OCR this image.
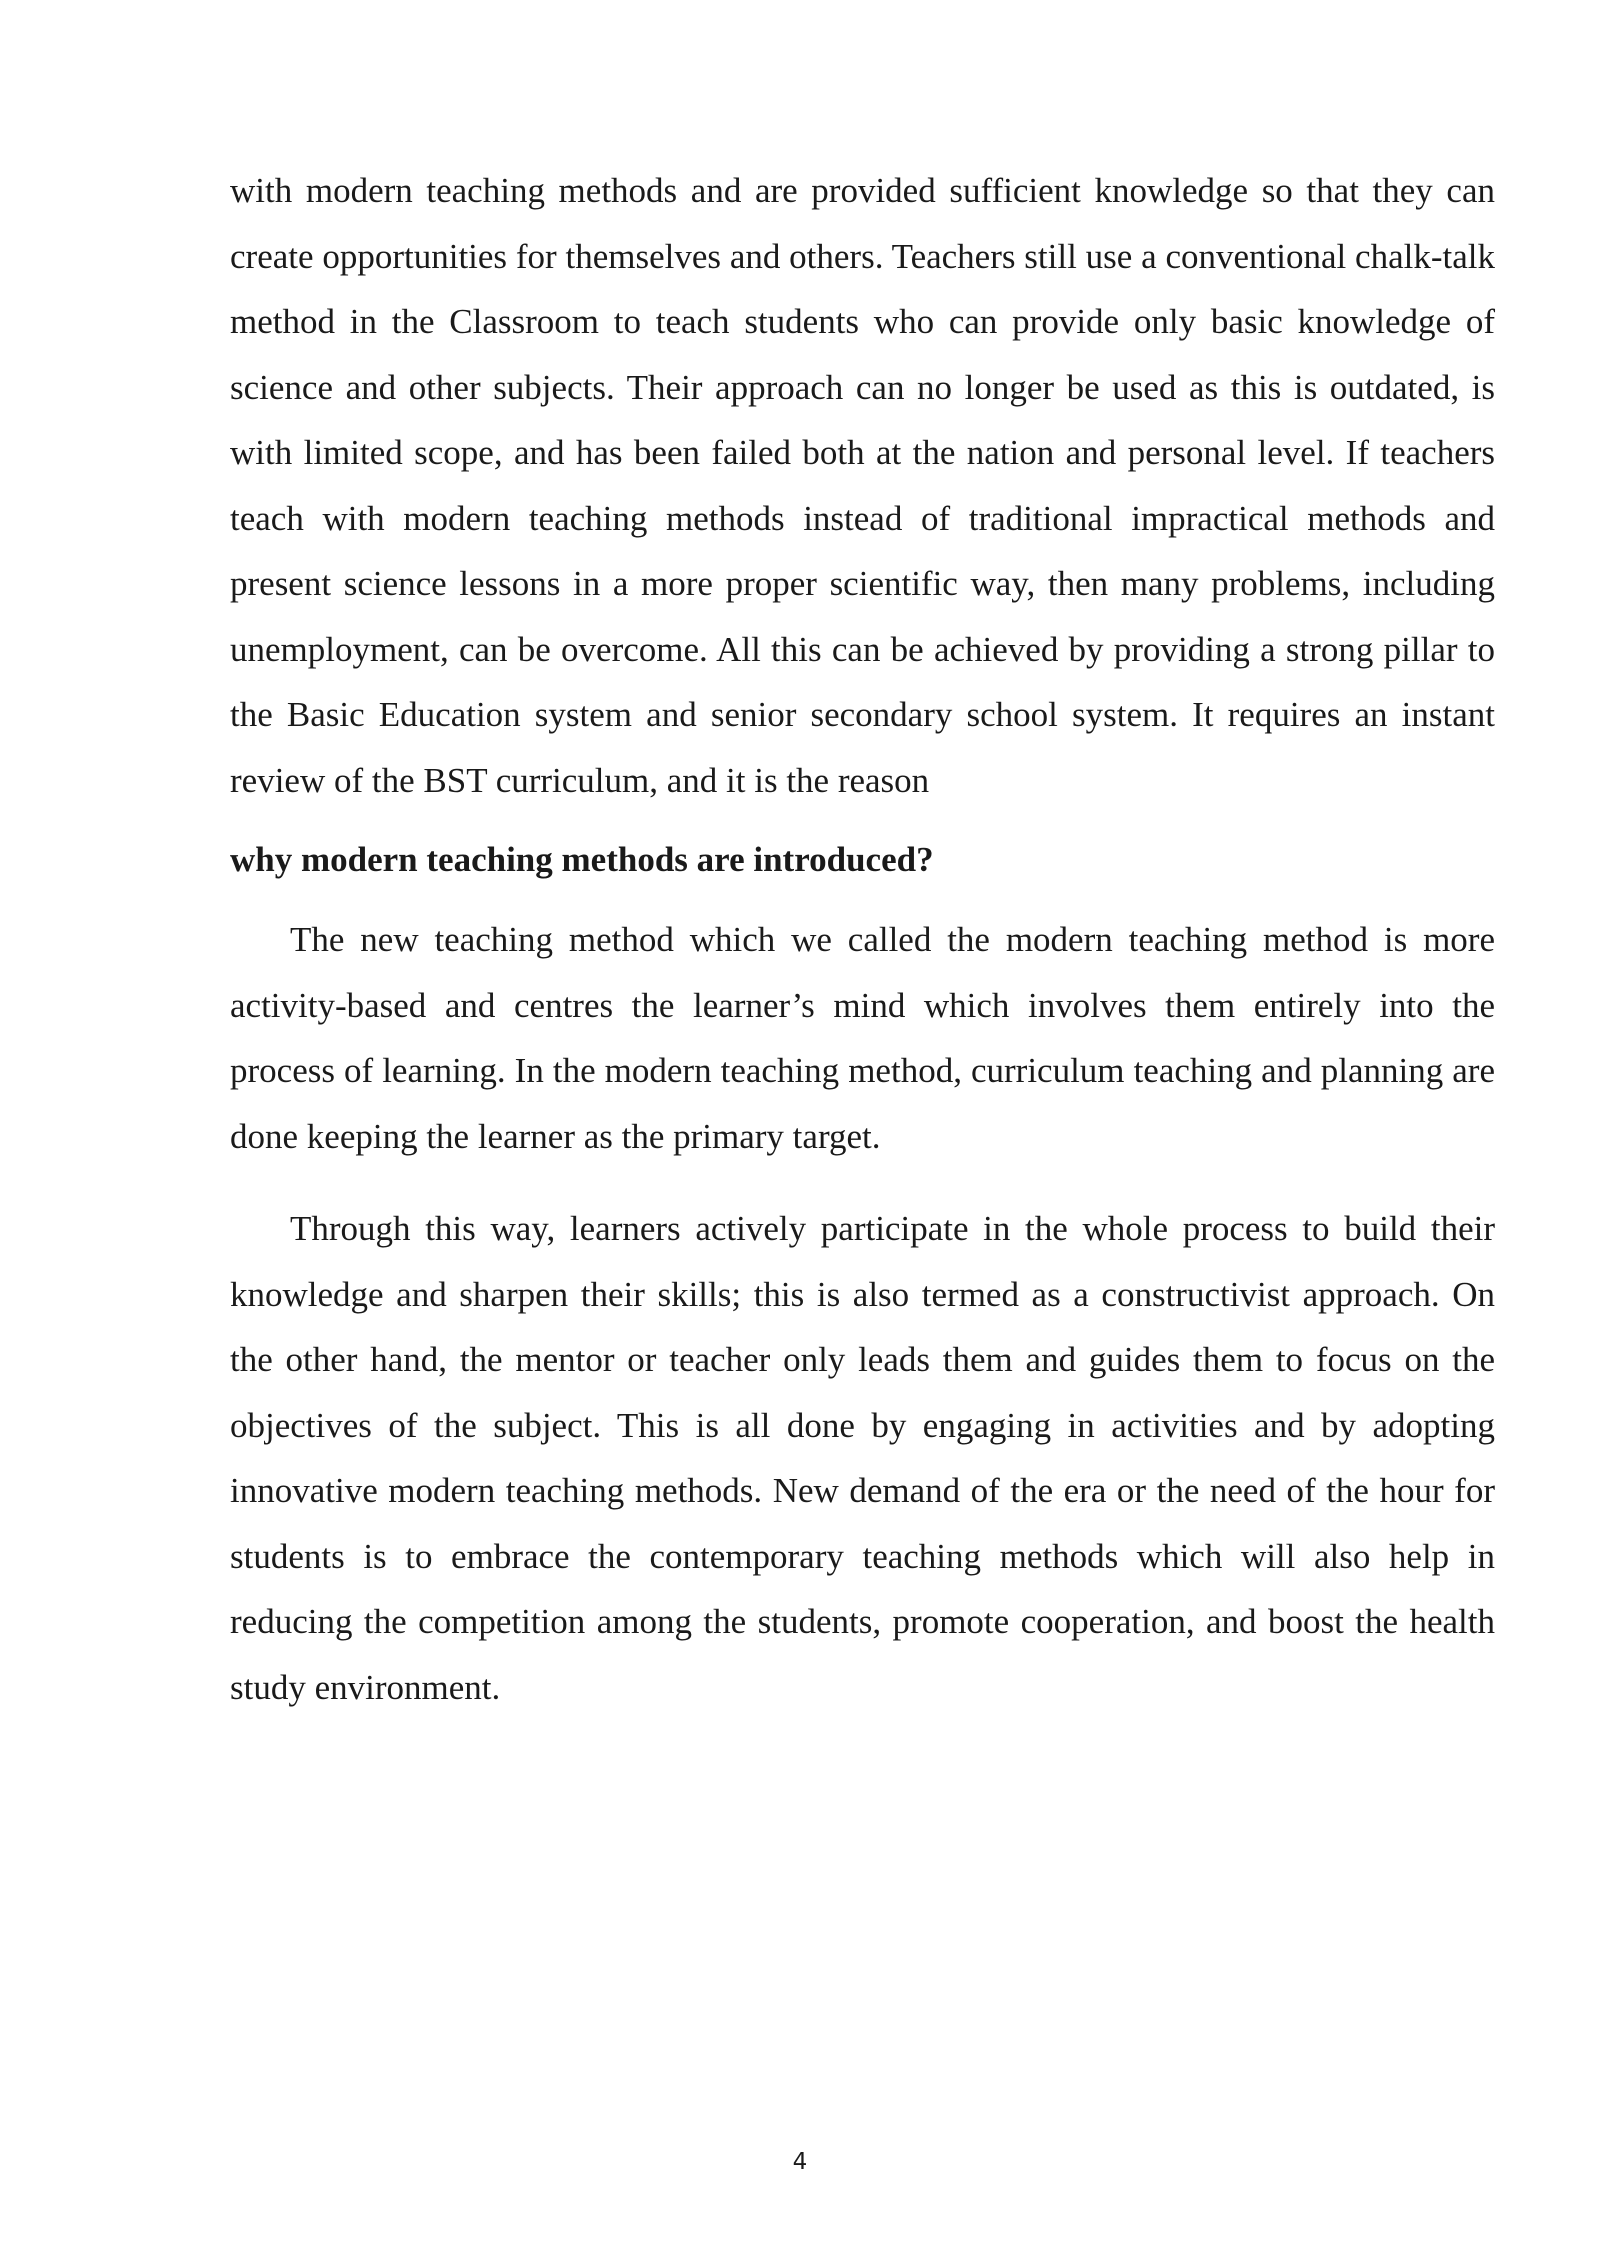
with modern teaching methods and are provided sufficient knowledge so that they can create opportunities for themselves and others. Teachers still use a conventional chalk-talk method in the Classroom to teach students who can provide only basic knowledge of science and other subjects. Their approach can no longer be used as this is outdated, is with limited scope, and has been failed both at the nation and personal level. If teachers teach with modern teaching methods instead of traditional impractical methods and present science lessons in a more proper scientific way, then many problems, including unemployment, can be overcome. All this can be achieved by providing a strong pillar to the Basic Education system and senior secondary school system. It requires an instant review of the BST curriculum, and it is the reason

why modern teaching methods are introduced?

The new teaching method which we called the modern teaching method is more activity-based and centres the learner’s mind which involves them entirely into the process of learning. In the modern teaching method, curriculum teaching and planning are done keeping the learner as the primary target.

Through this way, learners actively participate in the whole process to build their knowledge and sharpen their skills; this is also termed as a constructivist approach. On the other hand, the mentor or teacher only leads them and guides them to focus on the objectives of the subject. This is all done by engaging in activities and by adopting innovative modern teaching methods. New demand of the era or the need of the hour for students is to embrace the contemporary teaching methods which will also help in reducing the competition among the students, promote cooperation, and boost the health study environment.

4
